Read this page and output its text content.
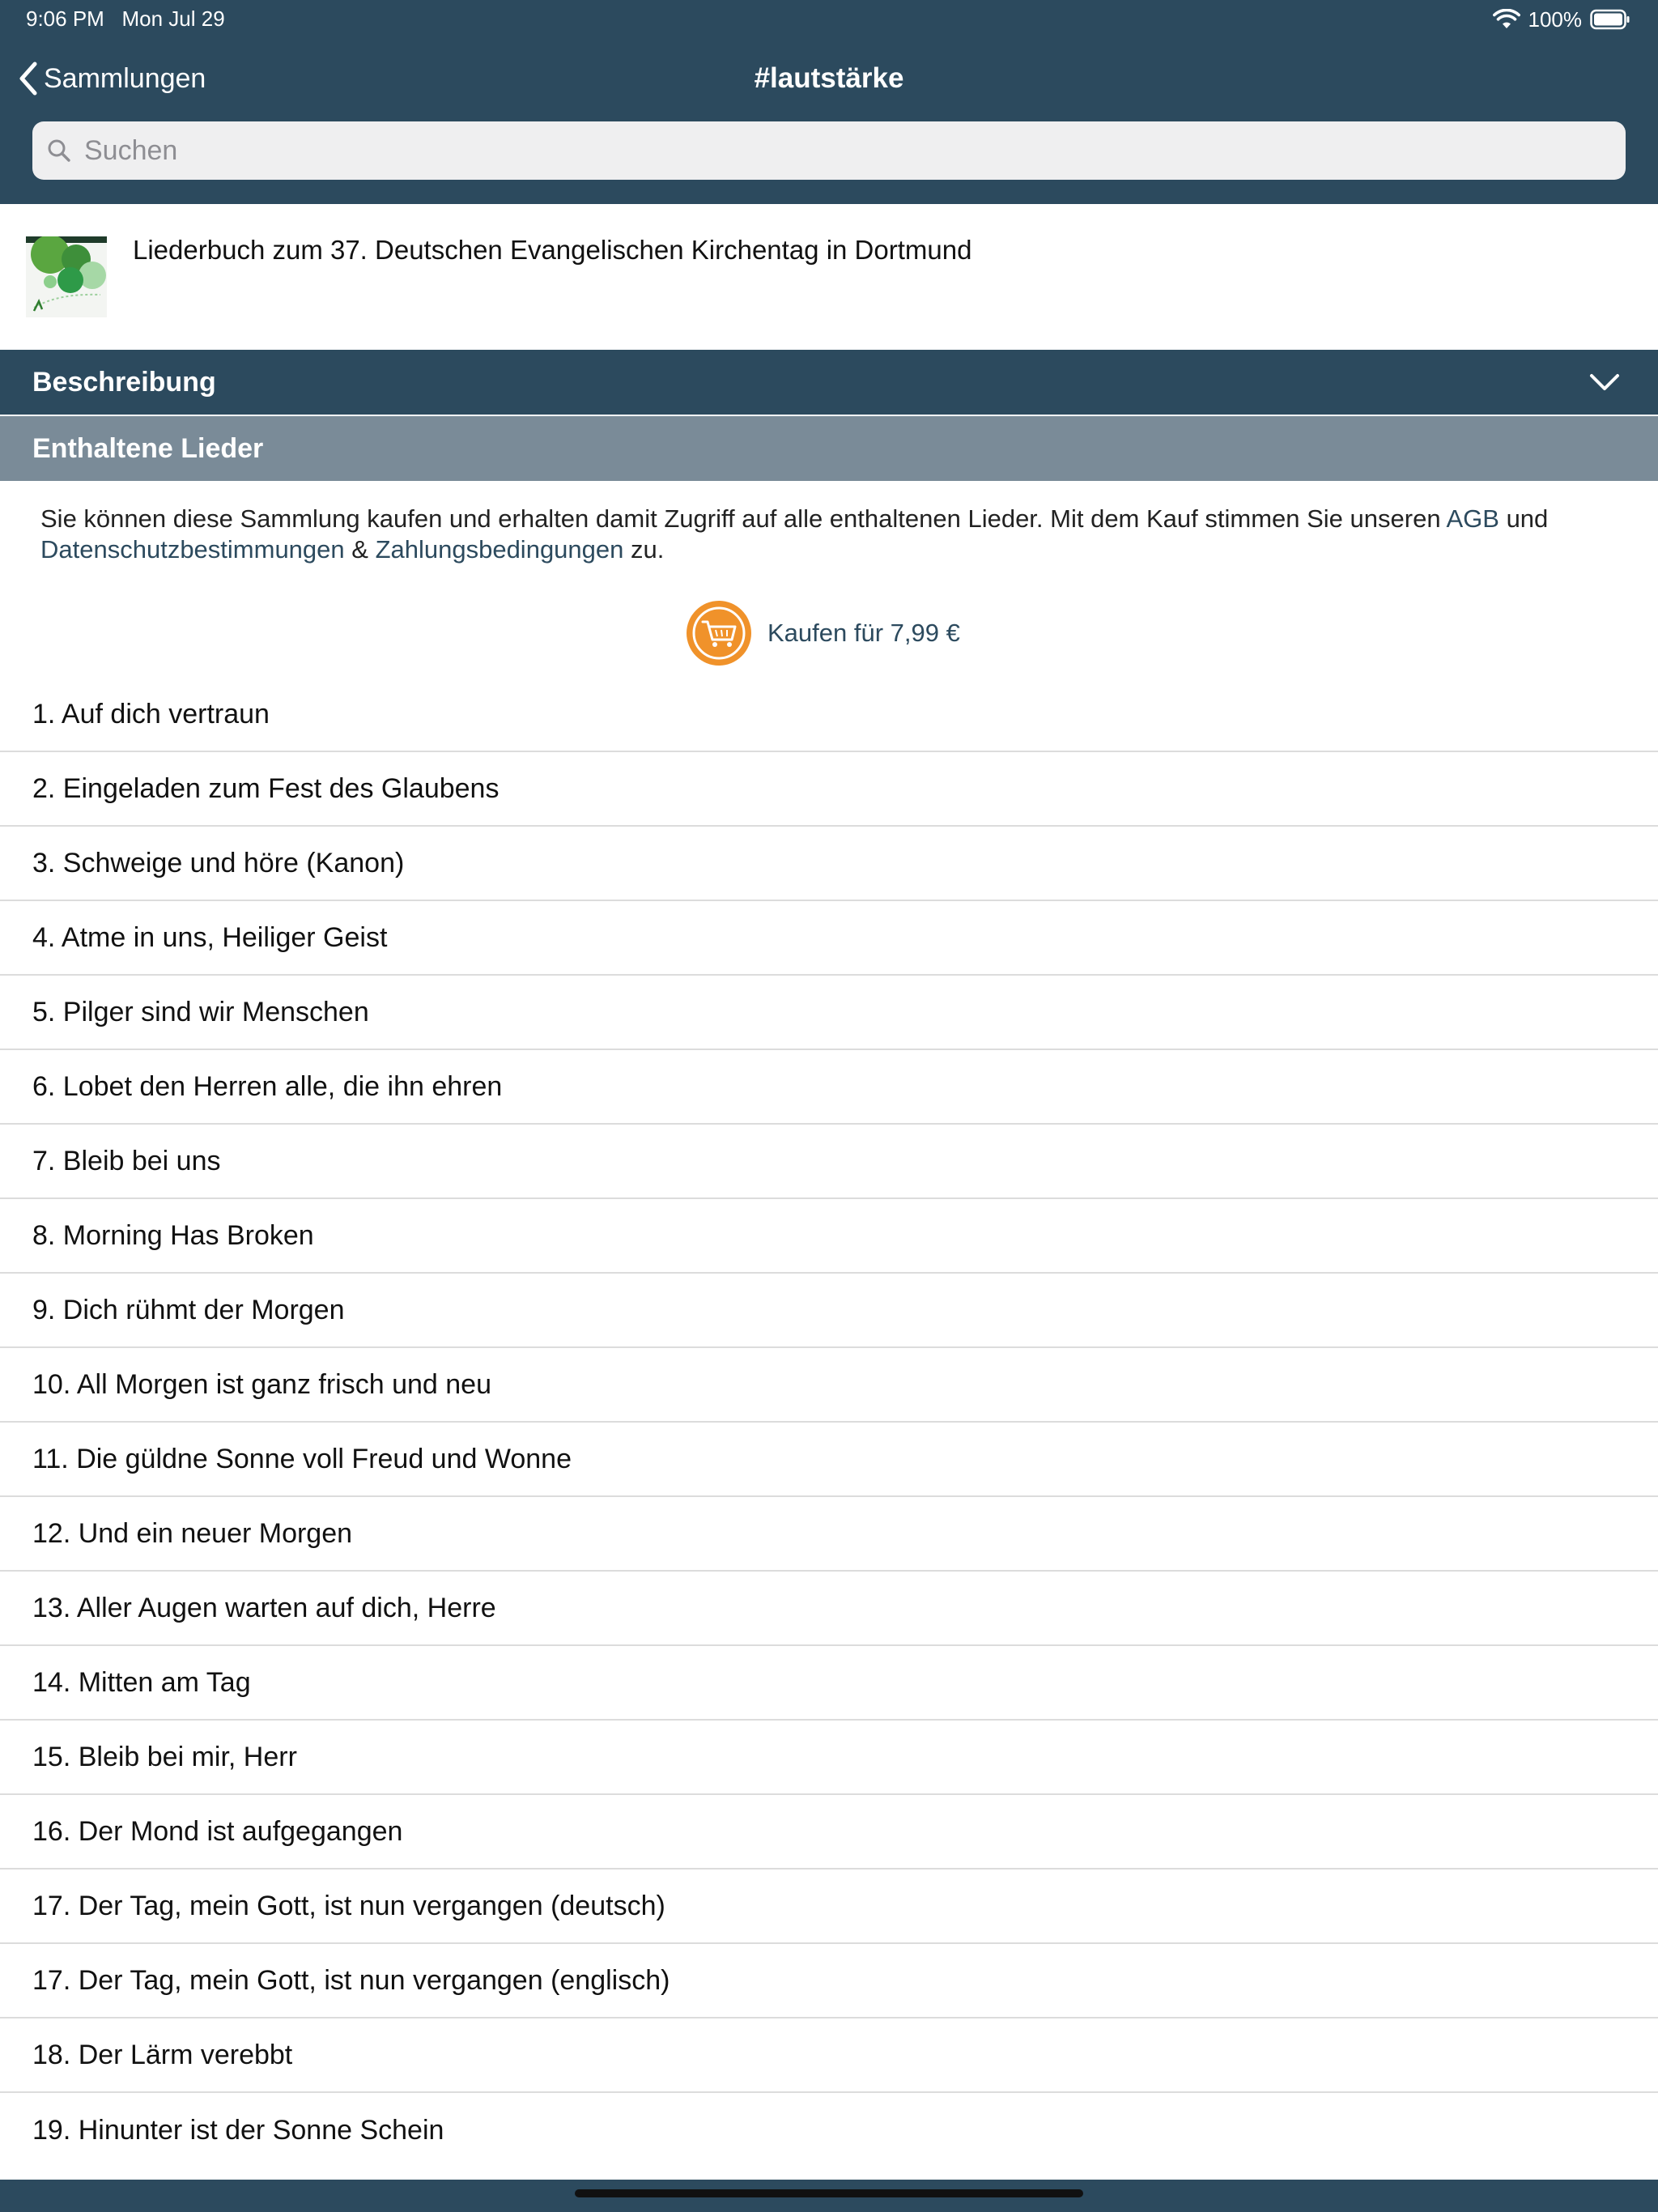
9:06 PM Mon Jul 29	100%
Sammlungen	#lautstärke
Suchen
Liederbuch zum 37. Deutschen Evangelischen Kirchentag in Dortmund
Beschreibung
Enthaltene Lieder
Sie können diese Sammlung kaufen und erhalten damit Zugriff auf alle enthaltenen Lieder. Mit dem Kauf stimmen Sie unseren AGB und Datenschutzbestimmungen & Zahlungsbedingungen zu.
Kaufen für 7,99 €
1. Auf dich vertraun
2. Eingeladen zum Fest des Glaubens
3. Schweige und höre (Kanon)
4. Atme in uns, Heiliger Geist
5. Pilger sind wir Menschen
6. Lobet den Herren alle, die ihn ehren
7. Bleib bei uns
8. Morning Has Broken
9. Dich rühmt der Morgen
10. All Morgen ist ganz frisch und neu
11. Die güldne Sonne voll Freud und Wonne
12. Und ein neuer Morgen
13. Aller Augen warten auf dich, Herre
14. Mitten am Tag
15. Bleib bei mir, Herr
16. Der Mond ist aufgegangen
17. Der Tag, mein Gott, ist nun vergangen (deutsch)
17. Der Tag, mein Gott, ist nun vergangen (englisch)
18. Der Lärm verebbt
19. Hinunter ist der Sonne Schein
